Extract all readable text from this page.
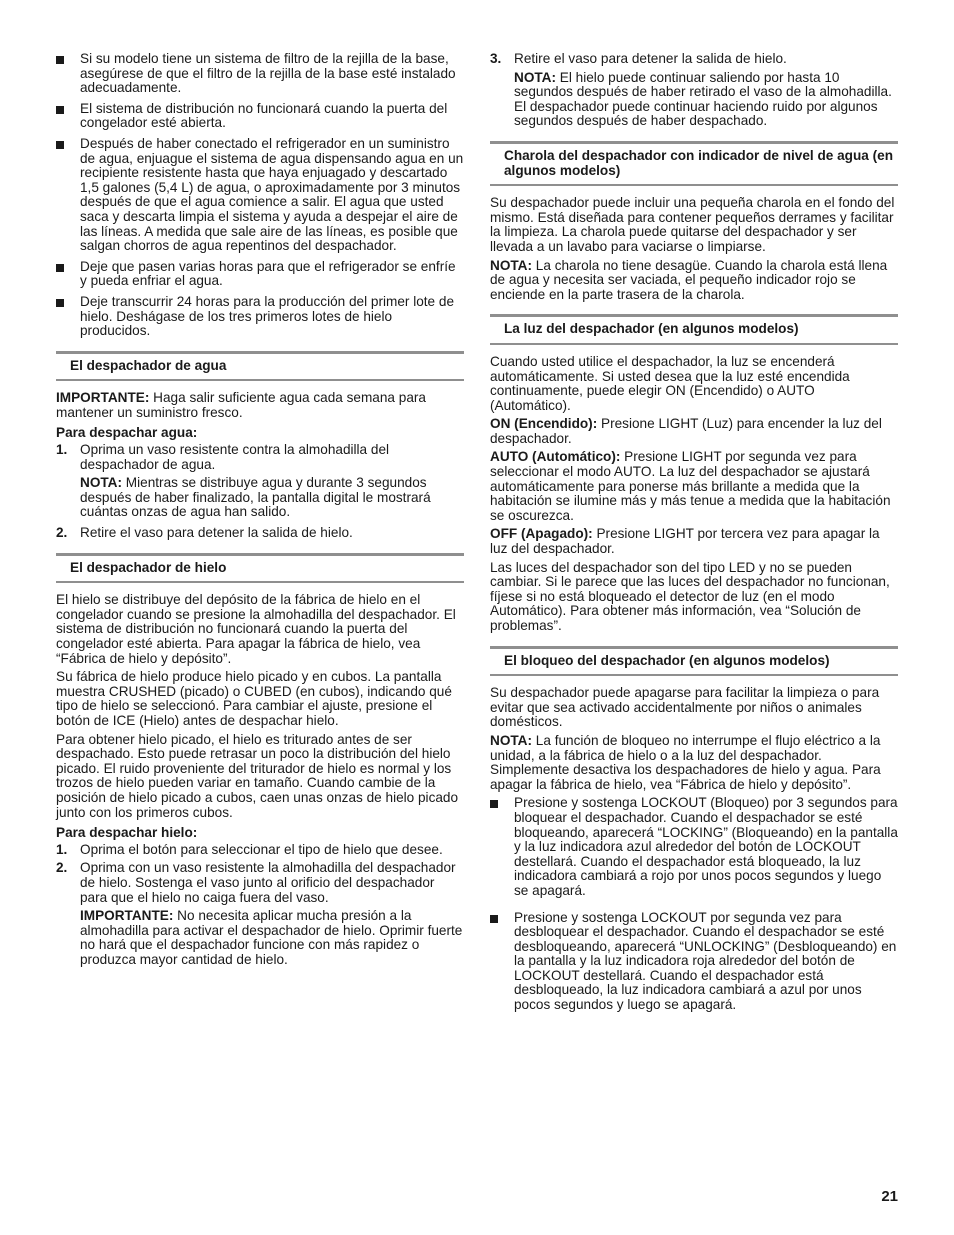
Si su modelo tiene un sistema de filtro de la rejilla de la base, asegúrese de que el filtro de la rejilla de la base esté instalado adecuadamente.

El sistema de distribución no funcionará cuando la puerta del congelador esté abierta.

Después de haber conectado el refrigerador en un suministro de agua, enjuague el sistema de agua dispensando agua en un recipiente resistente hasta que haya enjuagado y descartado 1,5 galones (5,4 L) de agua, o aproximadamente por 3 minutos después de que el agua comience a salir. El agua que usted saca y descarta limpia el sistema y ayuda a despejar el aire de las líneas. A medida que sale aire de las líneas, es posible que salgan chorros de agua repentinos del despachador.

Deje que pasen varias horas para que el refrigerador se enfríe y pueda enfriar el agua.

Deje transcurrir 24 horas para la producción del primer lote de hielo. Deshágase de los tres primeros lotes de hielo producidos.

El despachador de agua

IMPORTANTE: Haga salir suficiente agua cada semana para mantener un suministro fresco.

Para despachar agua:
1. Oprima un vaso resistente contra la almohadilla del despachador de agua.

NOTA: Mientras se distribuye agua y durante 3 segundos después de haber finalizado, la pantalla digital le mostrará cuántas onzas de agua han salido.

2. Retire el vaso para detener la salida de hielo.
El despachador de hielo

El hielo se distribuye del depósito de la fábrica de hielo en el congelador cuando se presione la almohadilla del despachador. El sistema de distribución no funcionará cuando la puerta del congelador esté abierta. Para apagar la fábrica de hielo, vea “Fábrica de hielo y depósito”.

Su fábrica de hielo produce hielo picado y en cubos. La pantalla muestra CRUSHED (picado) o CUBED (en cubos), indicando qué tipo de hielo se seleccionó. Para cambiar el ajuste, presione el botón de ICE (Hielo) antes de despachar hielo.

Para obtener hielo picado, el hielo es triturado antes de ser despachado. Esto puede retrasar un poco la distribución del hielo picado. El ruido proveniente del triturador de hielo es normal y los trozos de hielo pueden variar en tamaño. Cuando cambie de la posición de hielo picado a cubos, caen unas onzas de hielo picado junto con los primeros cubos.

Para despachar hielo:
1. Oprima el botón para seleccionar el tipo de hielo que desee.
2. Oprima con un vaso resistente la almohadilla del despachador de hielo. Sostenga el vaso junto al orificio del despachador para que el hielo no caiga fuera del vaso.

IMPORTANTE: No necesita aplicar mucha presión a la almohadilla para activar el despachador de hielo. Oprimir fuerte no hará que el despachador funcione con más rapidez o produzca mayor cantidad de hielo.

3. Retire el vaso para detener la salida de hielo.

NOTA: El hielo puede continuar saliendo por hasta 10 segundos después de haber retirado el vaso de la almohadilla. El despachador puede continuar haciendo ruido por algunos segundos después de haber despachado.

Charola del despachador con indicador de nivel de agua (en algunos modelos)

Su despachador puede incluir una pequeña charola en el fondo del mismo. Está diseñada para contener pequeños derrames y facilitar la limpieza. La charola puede quitarse del despachador y ser llevada a un lavabo para vaciarse o limpiarse.

NOTA: La charola no tiene desagüe. Cuando la charola está llena de agua y necesita ser vaciada, el pequeño indicador rojo se enciende en la parte trasera de la charola.

La luz del despachador (en algunos modelos)

Cuando usted utilice el despachador, la luz se encenderá automáticamente. Si usted desea que la luz esté encendida continuamente, puede elegir ON (Encendido) o AUTO (Automático).

ON (Encendido): Presione LIGHT (Luz) para encender la luz del despachador.

AUTO (Automático): Presione LIGHT por segunda vez para seleccionar el modo AUTO. La luz del despachador se ajustará automáticamente para ponerse más brillante a medida que la habitación se ilumine más y más tenue a medida que la habitación se oscurezca.

OFF (Apagado): Presione LIGHT por tercera vez para apagar la luz del despachador.

Las luces del despachador son del tipo LED y no se pueden cambiar. Si le parece que las luces del despachador no funcionan, fíjese si no está bloqueado el detector de luz (en el modo Automático). Para obtener más información, vea “Solución de problemas”.

El bloqueo del despachador (en algunos modelos)

Su despachador puede apagarse para facilitar la limpieza o para evitar que sea activado accidentalmente por niños o animales domésticos.

NOTA: La función de bloqueo no interrumpe el flujo eléctrico a la unidad, a la fábrica de hielo o a la luz del despachador. Simplemente desactiva los despachadores de hielo y agua. Para apagar la fábrica de hielo, vea “Fábrica de hielo y depósito”.

Presione y sostenga LOCKOUT (Bloqueo) por 3 segundos para bloquear el despachador. Cuando el despachador se esté bloqueando, aparecerá “LOCKING” (Bloqueando) en la pantalla y la luz indicadora azul alrededor del botón de LOCKOUT destellará. Cuando el despachador está bloqueado, la luz indicadora cambiará a rojo por unos pocos segundos y luego se apagará.

Presione y sostenga LOCKOUT por segunda vez para desbloquear el despachador. Cuando el despachador se esté desbloqueando, aparecerá “UNLOCKING” (Desbloqueando) en la pantalla y la luz indicadora roja alrededor del botón de LOCKOUT destellará. Cuando el despachador está desbloqueado, la luz indicadora cambiará a azul por unos pocos segundos y luego se apagará.

21
